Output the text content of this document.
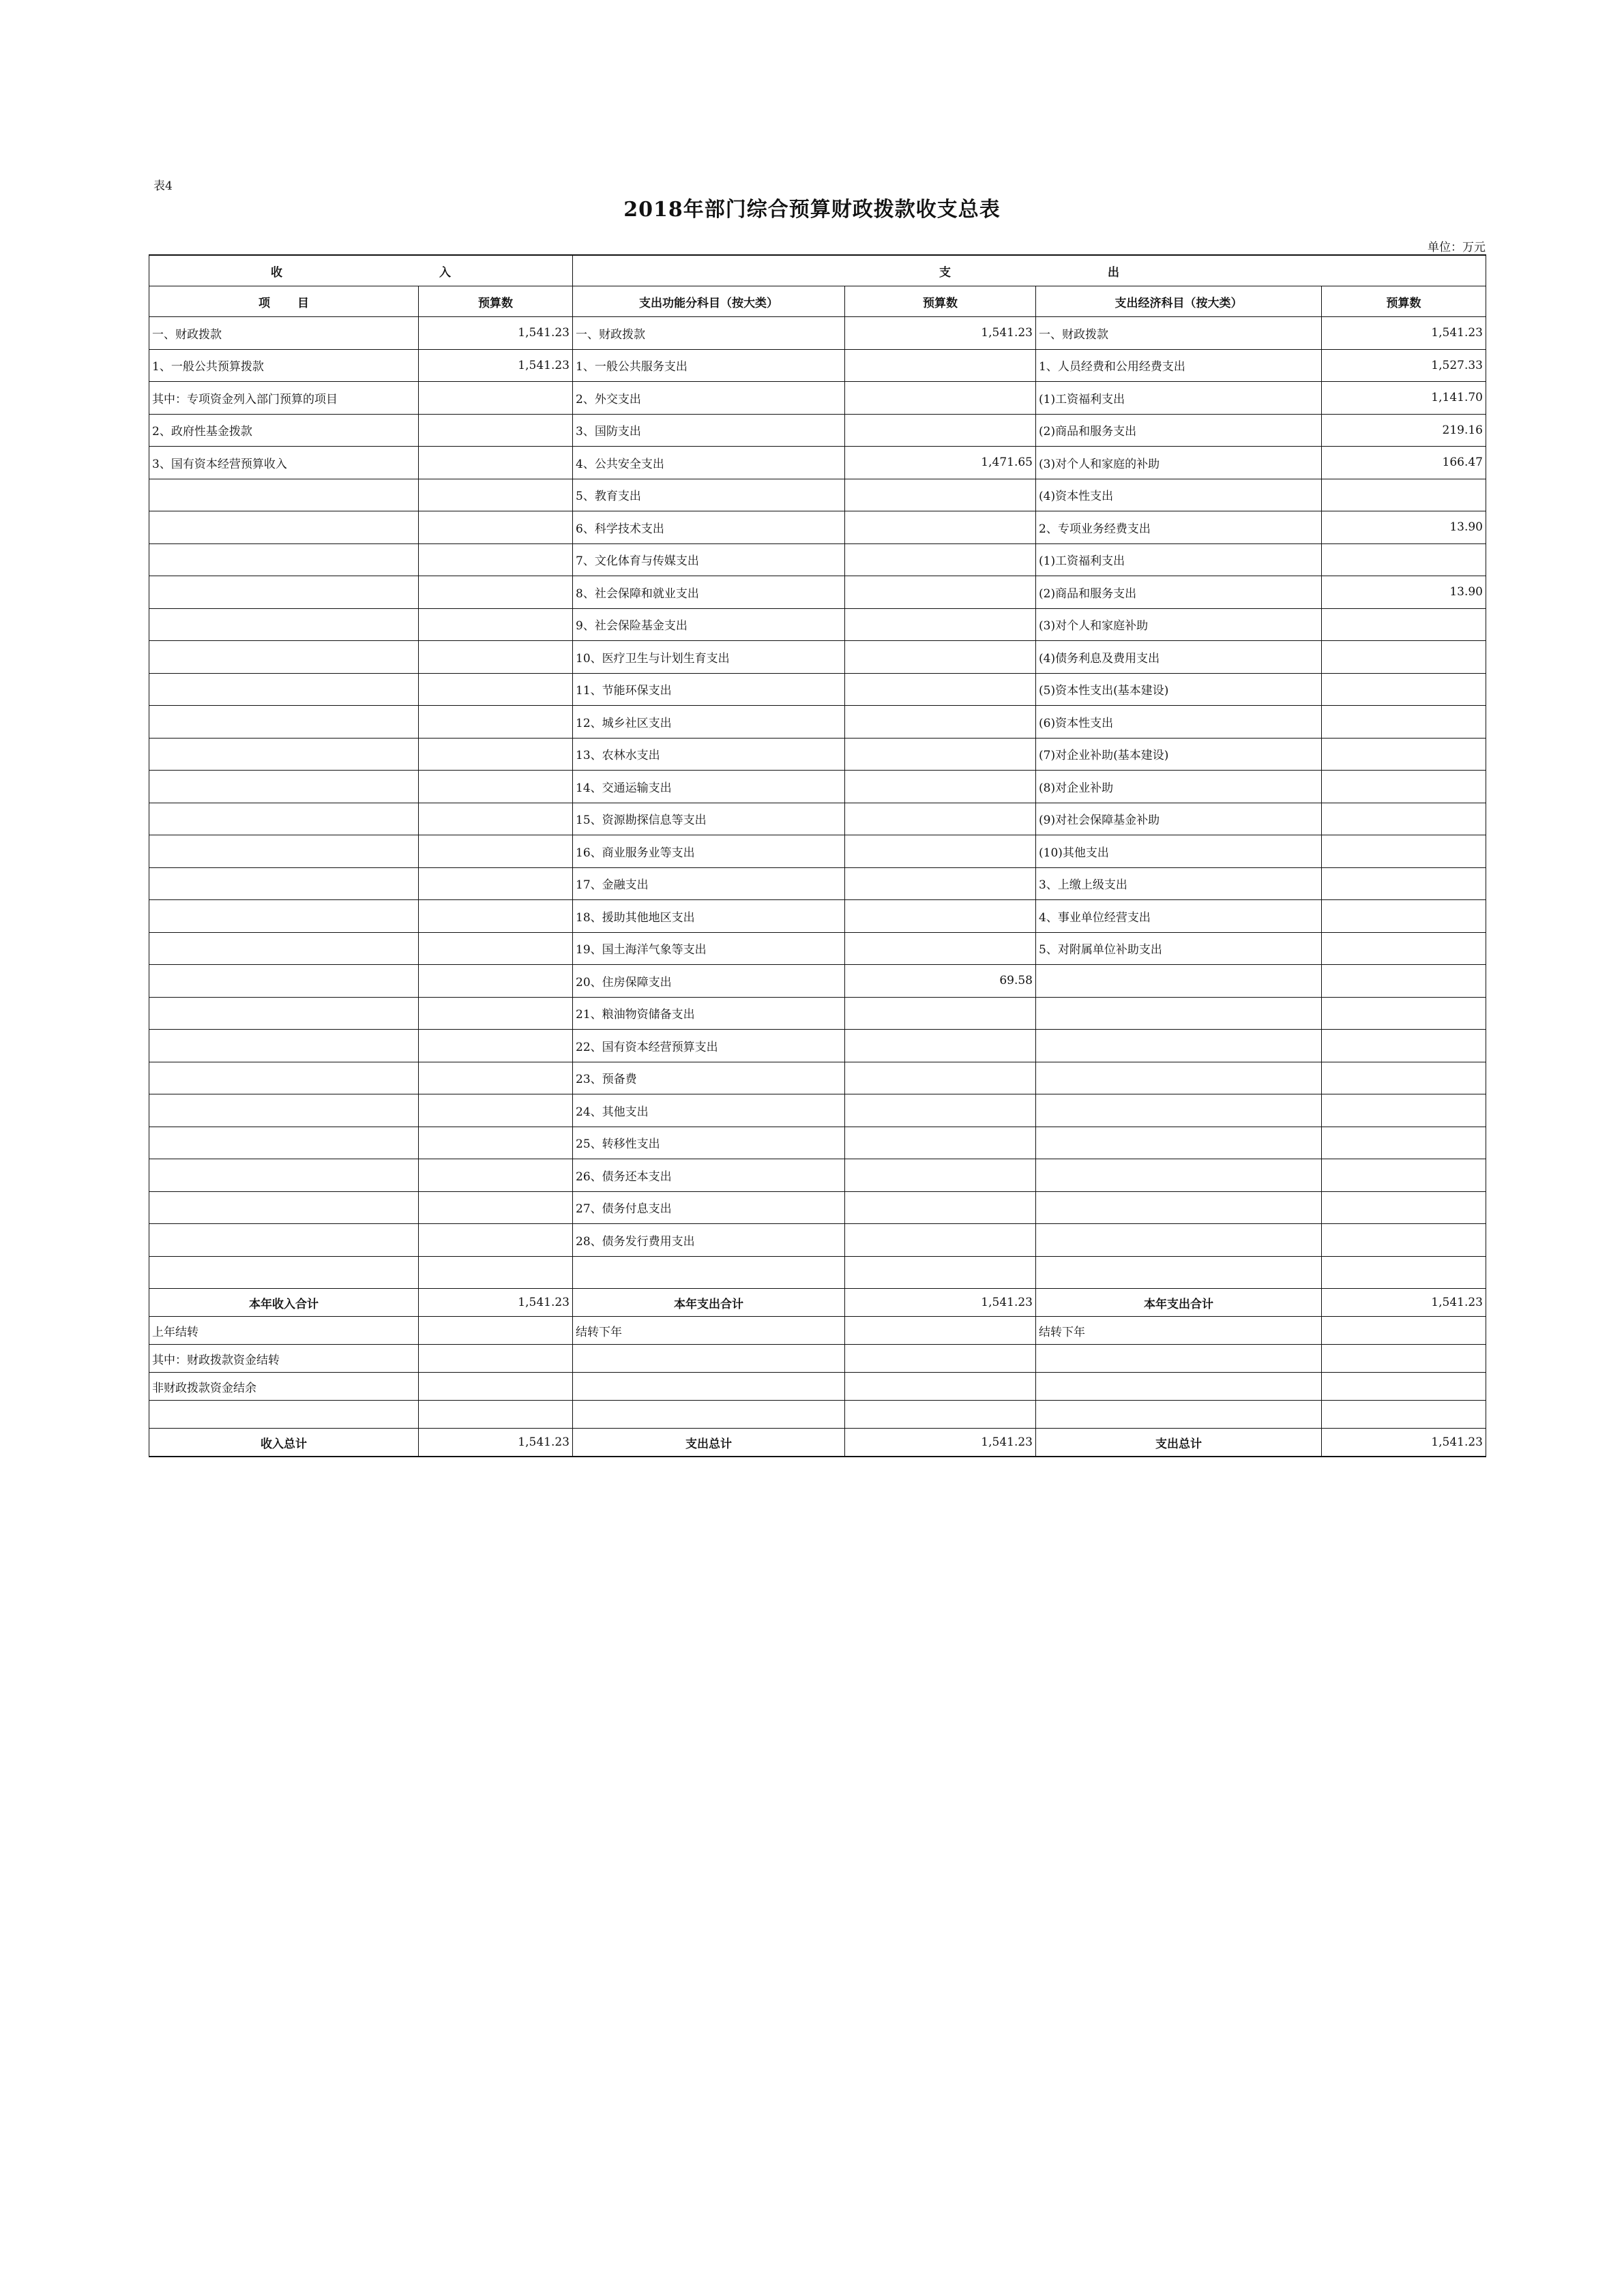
表4
2018年部门综合预算财政拨款收支总表
单位：万元
收 入		支 出			
项 目	预算数	支出功能分科目（按大类）	预算数	支出经济科目（按大类）	预算数
一、财政拨款	1,541.23	一、财政拨款	1,541.23	一、财政拨款	1,541.23
1、一般公共预算拨款	1,541.23	1、一般公共服务支出		1、人员经费和公用经费支出	1,527.33
其中：专项资金列入部门预算的项目		2、外交支出		(1)工资福利支出	1,141.70
2、政府性基金拨款		3、国防支出		(2)商品和服务支出	219.16
3、国有资本经营预算收入		4、公共安全支出	1,471.65	(3)对个人和家庭的补助	166.47
		5、教育支出		(4)资本性支出	
		6、科学技术支出		2、专项业务经费支出	13.90
		7、文化体育与传媒支出		(1)工资福利支出	
		8、社会保障和就业支出		(2)商品和服务支出	13.90
		9、社会保险基金支出		(3)对个人和家庭补助	
		10、医疗卫生与计划生育支出		(4)债务利息及费用支出	
		11、节能环保支出		(5)资本性支出(基本建设)	
		12、城乡社区支出		(6)资本性支出	
		13、农林水支出		(7)对企业补助(基本建设)	
		14、交通运输支出		(8)对企业补助	
		15、资源勘探信息等支出		(9)对社会保障基金补助	
		16、商业服务业等支出		(10)其他支出	
		17、金融支出		3、上缴上级支出	
		18、援助其他地区支出		4、事业单位经营支出	
		19、国土海洋气象等支出		5、对附属单位补助支出	
		20、住房保障支出	69.58		
		21、粮油物资储备支出			
		22、国有资本经营预算支出			
		23、预备费			
		24、其他支出			
		25、转移性支出			
		26、债务还本支出			
		27、债务付息支出			
		28、债务发行费用支出			

本年收入合计	1,541.23	本年支出合计	1,541.23	本年支出合计	1,541.23
上年结转		结转下年		结转下年	
其中：财政拨款资金结转					
非财政拨款资金结余					

收入总计	1,541.23	支出总计	1,541.23	支出总计	1,541.23
